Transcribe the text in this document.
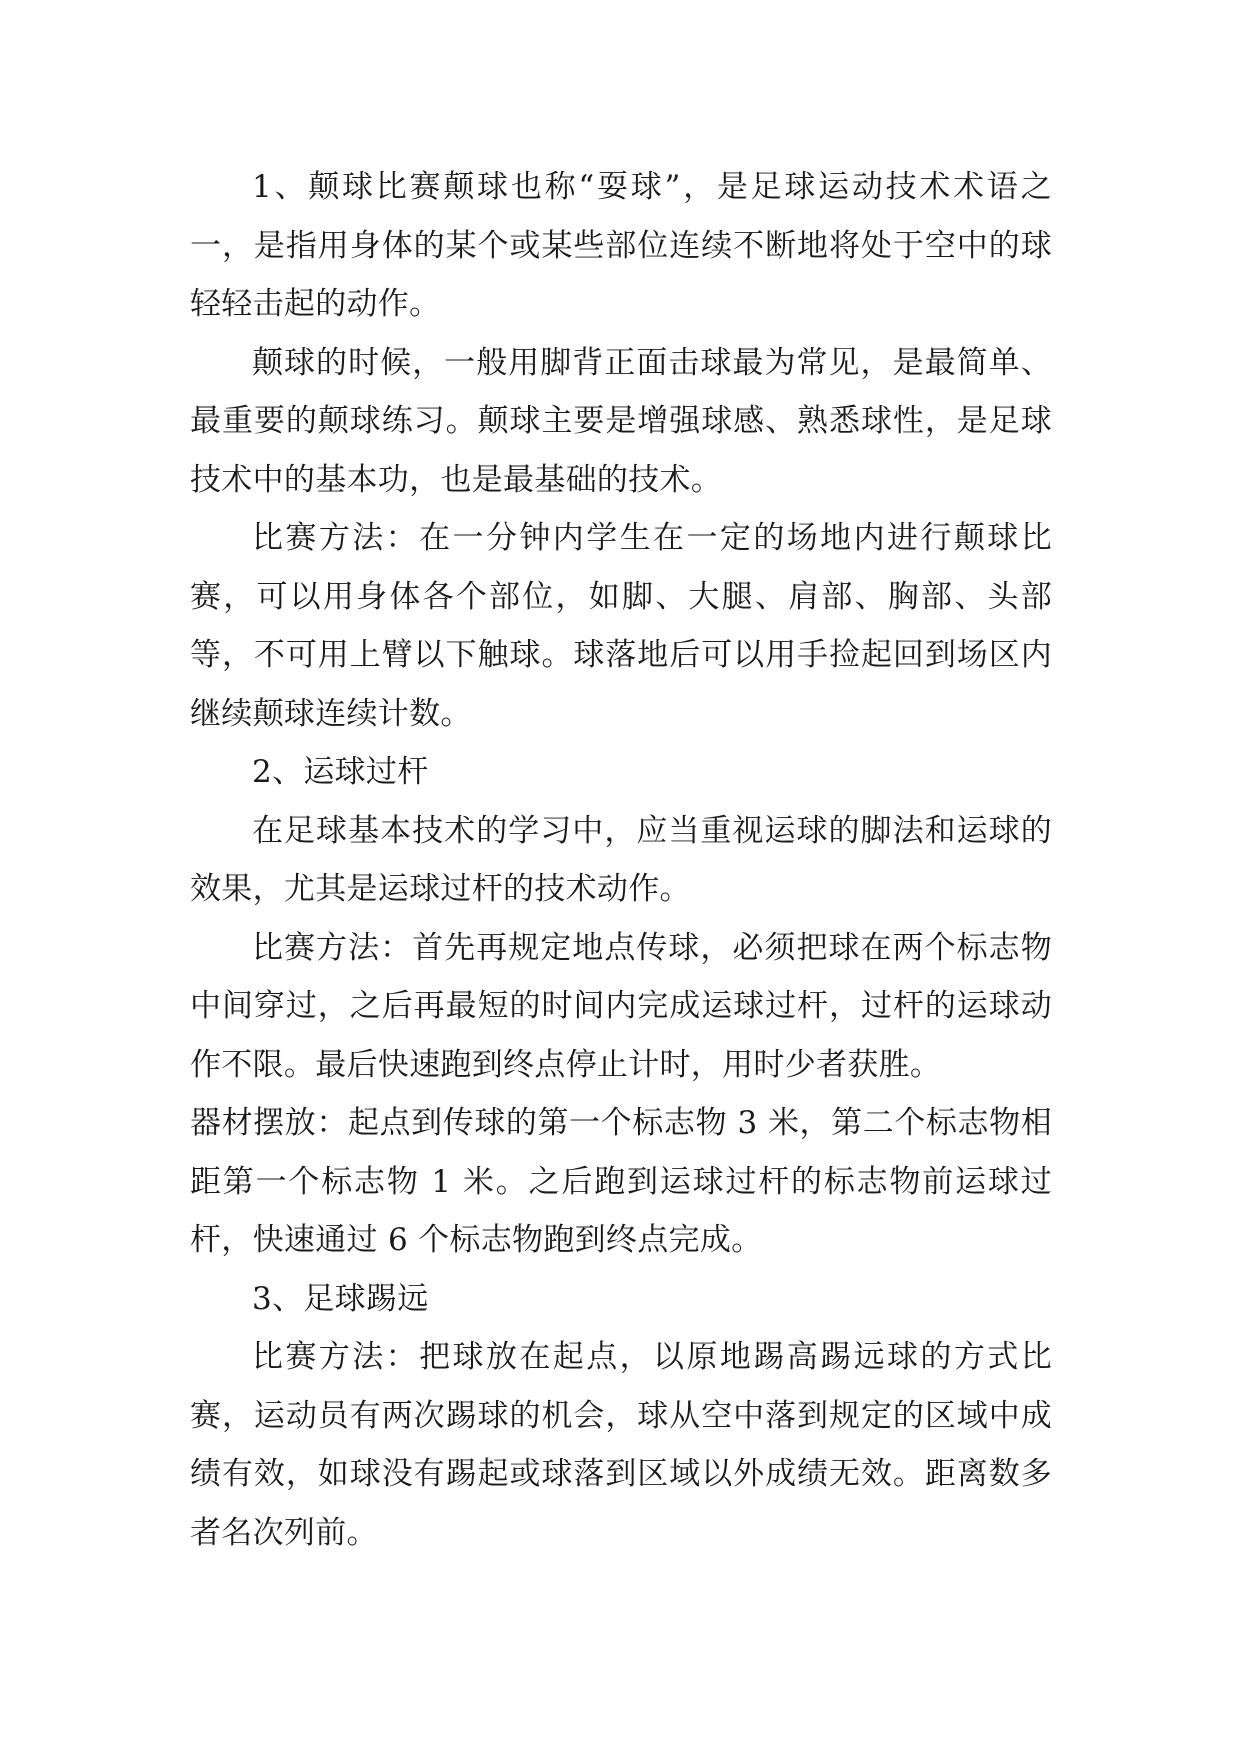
1、颠球比赛颠球也称“耍球”，是足球运动技术术语之一，是指用身体的某个或某些部位连续不断地将处于空中的球轻轻击起的动作。

颠球的时候，一般用脚背正面击球最为常见，是最简单、最重要的颠球练习。颠球主要是增强球感、熟悉球性，是足球技术中的基本功，也是最基础的技术。

比赛方法：在一分钟内学生在一定的场地内进行颠球比赛，可以用身体各个部位，如脚、大腿、肩部、胸部、头部等，不可用上臂以下触球。球落地后可以用手捡起回到场区内继续颠球连续计数。

2、运球过杆

在足球基本技术的学习中，应当重视运球的脚法和运球的效果，尤其是运球过杆的技术动作。

比赛方法：首先再规定地点传球，必须把球在两个标志物中间穿过，之后再最短的时间内完成运球过杆，过杆的运球动作不限。最后快速跑到终点停止计时，用时少者获胜。

器材摆放：起点到传球的第一个标志物 3 米，第二个标志物相距第一个标志物 1 米。之后跑到运球过杆的标志物前运球过杆，快速通过 6 个标志物跑到终点完成。

3、足球踢远

比赛方法：把球放在起点，以原地踢高踢远球的方式比赛，运动员有两次踢球的机会，球从空中落到规定的区域中成绩有效，如球没有踢起或球落到区域以外成绩无效。距离数多者名次列前。
